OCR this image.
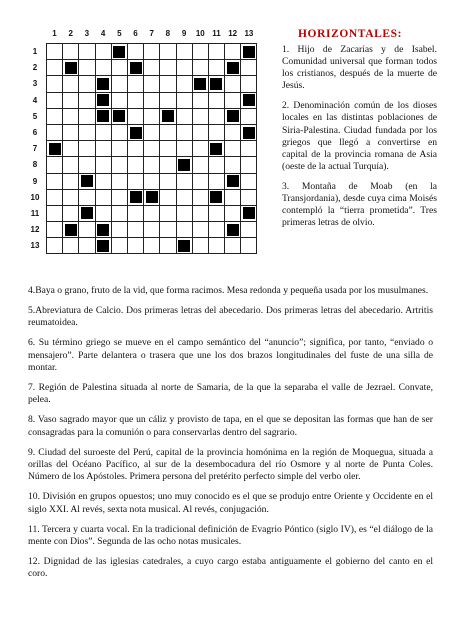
1	2	3	4	5	6	7	8	9	10 11 12 13
1
2
3
4
5
6
7
8
9
10
11
12
13

HORIZONTALES:

1. Hijo de Zacarías y de Isabel. Comunidad universal que forman todos los cristianos, después de la muerte de Jesús.

2. Denominación común de los dioses locales en las distintas poblaciones de Siria-Palestina. Ciudad fundada por los griegos que llegó a convertirse en capital de la provincia romana de Asia (oeste de la actual Turquía).

3. Montaña de Moab (en la Transjordania), desde cuya cima Moisés contempló la “tierra prometida”. Tres primeras letras de olvio.

4.Baya o grano, fruto de la vid, que forma racimos. Mesa redonda y pequeña usada por los musulmanes.

5.Abreviatura de Calcio. Dos primeras letras del abecedario. Dos primeras letras del abecedario. Artritis reumatoidea.

6. Su término griego se mueve en el campo semántico del “anuncio”; significa, por tanto, “enviado o mensajero”. Parte delantera o trasera que une los dos brazos longitudinales del fuste de una silla de montar.

7. Región de Palestina situada al norte de Samaria, de la que la separaba el valle de Jezrael. Convate, pelea.

8. Vaso sagrado mayor que un cáliz y provisto de tapa, en el que se depositan las formas que han de ser consagradas para la comunión o para conservarlas dentro del sagrario.

9. Ciudad del suroeste del Perú, capital de la provincia homónima en la región de Moquegua, situada a orillas del Océano Pacífico, al sur de la desembocadura del río Osmore y al norte de Punta Coles. Número de los Apóstoles. Primera persona del pretérito perfecto simple del verbo oler.

10. División en grupos opuestos; uno muy conocido es el que se produjo entre Oriente y Occidente en el siglo XXI. Al revés, sexta nota musical. Al revés, conjugación.

11. Tercera y cuarta vocal. En la tradicional definición de Evagrio Póntico (siglo IV), es “el diálogo de la mente con Dios”. Segunda de las ocho notas musicales.

12. Dignidad de las iglesias catedrales, a cuyo cargo estaba antiguamente el gobierno del canto en el coro.
